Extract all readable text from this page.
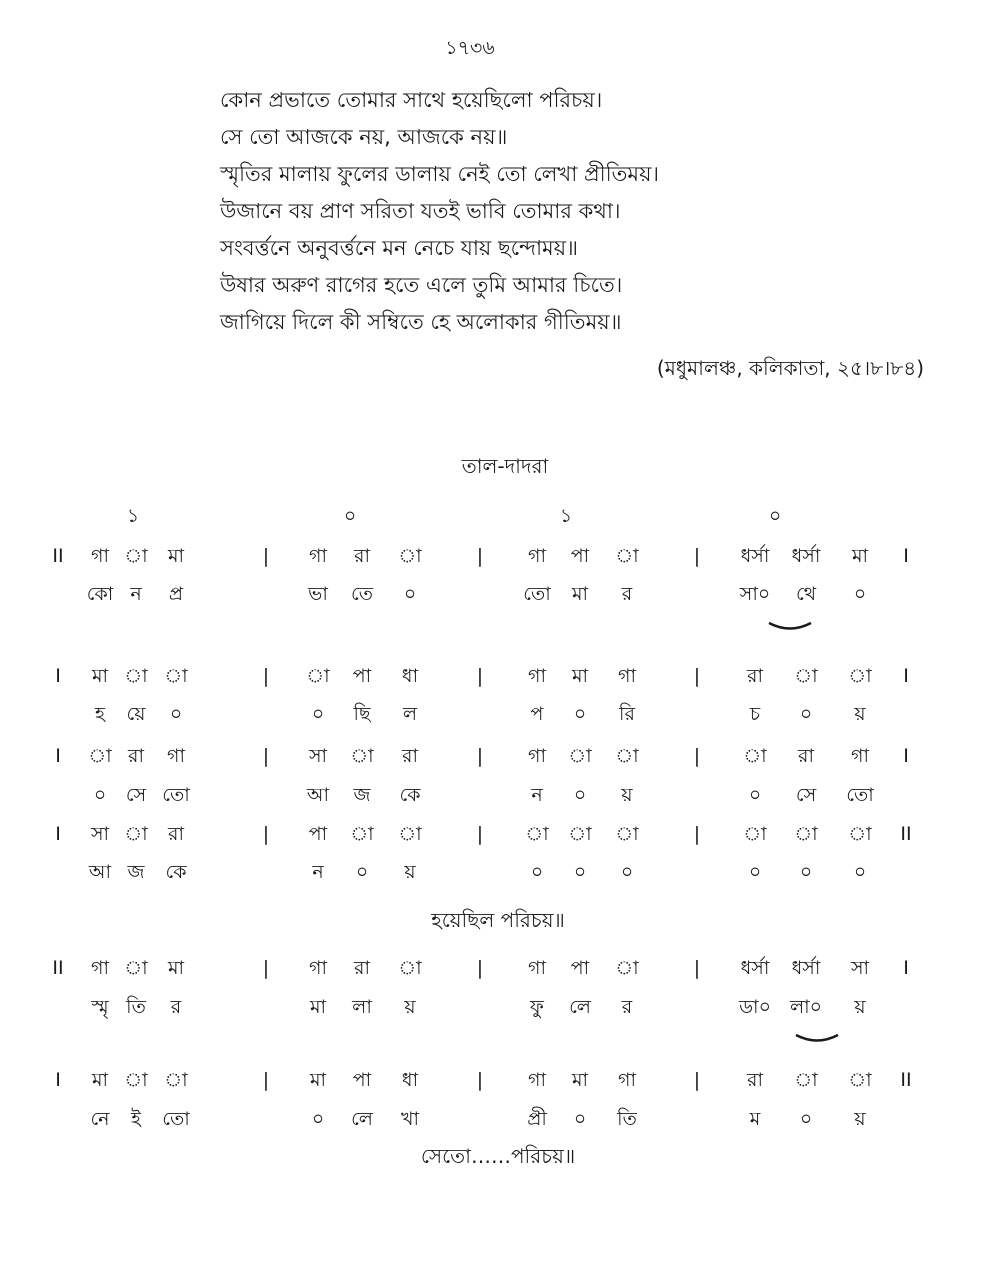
১৭৩৬
কোন প্রভাতে তোমার সাথে হয়েছিলো পরিচয়।
সে তো আজকে নয়, আজকে নয়॥
স্মৃতির মালায় ফুলের ডালায় নেই তো লেখা প্রীতিময়।
উজানে বয় প্রাণ সরিতা যতই ভাবি তোমার কথা।
সংবর্ত্তনে অনুবর্ত্তনে মন নেচে যায় ছন্দোময়॥
উষার অরুণ রাগের হতে এলে তুমি আমার চিতে।
জাগিয়ে দিলে কী সম্বিতে হে অলোকার গীতিময়॥
(মধুমালঞ্চ, কলিকাতা, ২৫।৮।৮৪)
তাল-দাদরা
১	০	১	০
II	I
|	|	|
গা া মা	গা রা া	গা পা া	ধর্সা ধর্সা মা
কো ন প্র	ভা তে ০	তো মা র	সা০ থে ০
I	I
|	|	|
মা া া	া পা ধা	গা মা গা	রা া া
হ য়ে ০	০ ছি ল	প ০ রি	চ ০ য়
I	I
|	|	|
া রা গা	সা া রা	গা া া	া রা গা
০ সে তো	আ জ কে	ন ০ য়	০ সে তো
I	II
|	|	|
সা া রা	পা া া	া া া	া া া
আ জ কে	ন ০ য়	০ ০ ০	০ ০ ০
হয়েছিল পরিচয়॥
II	I
|	|	|
গা া মা	গা রা া	গা পা া	ধর্সা ধর্সা সা
স্মৃ তি র	মা লা য়	ফু লে র	ডা০ লা০ য়
I	II
|	|	|
মা া া	মা পা ধা	গা মা গা	রা া া
নে ই তো	০ লে খা	প্রী ০ তি	ম ০ য়
সেতো……পরিচয়॥
